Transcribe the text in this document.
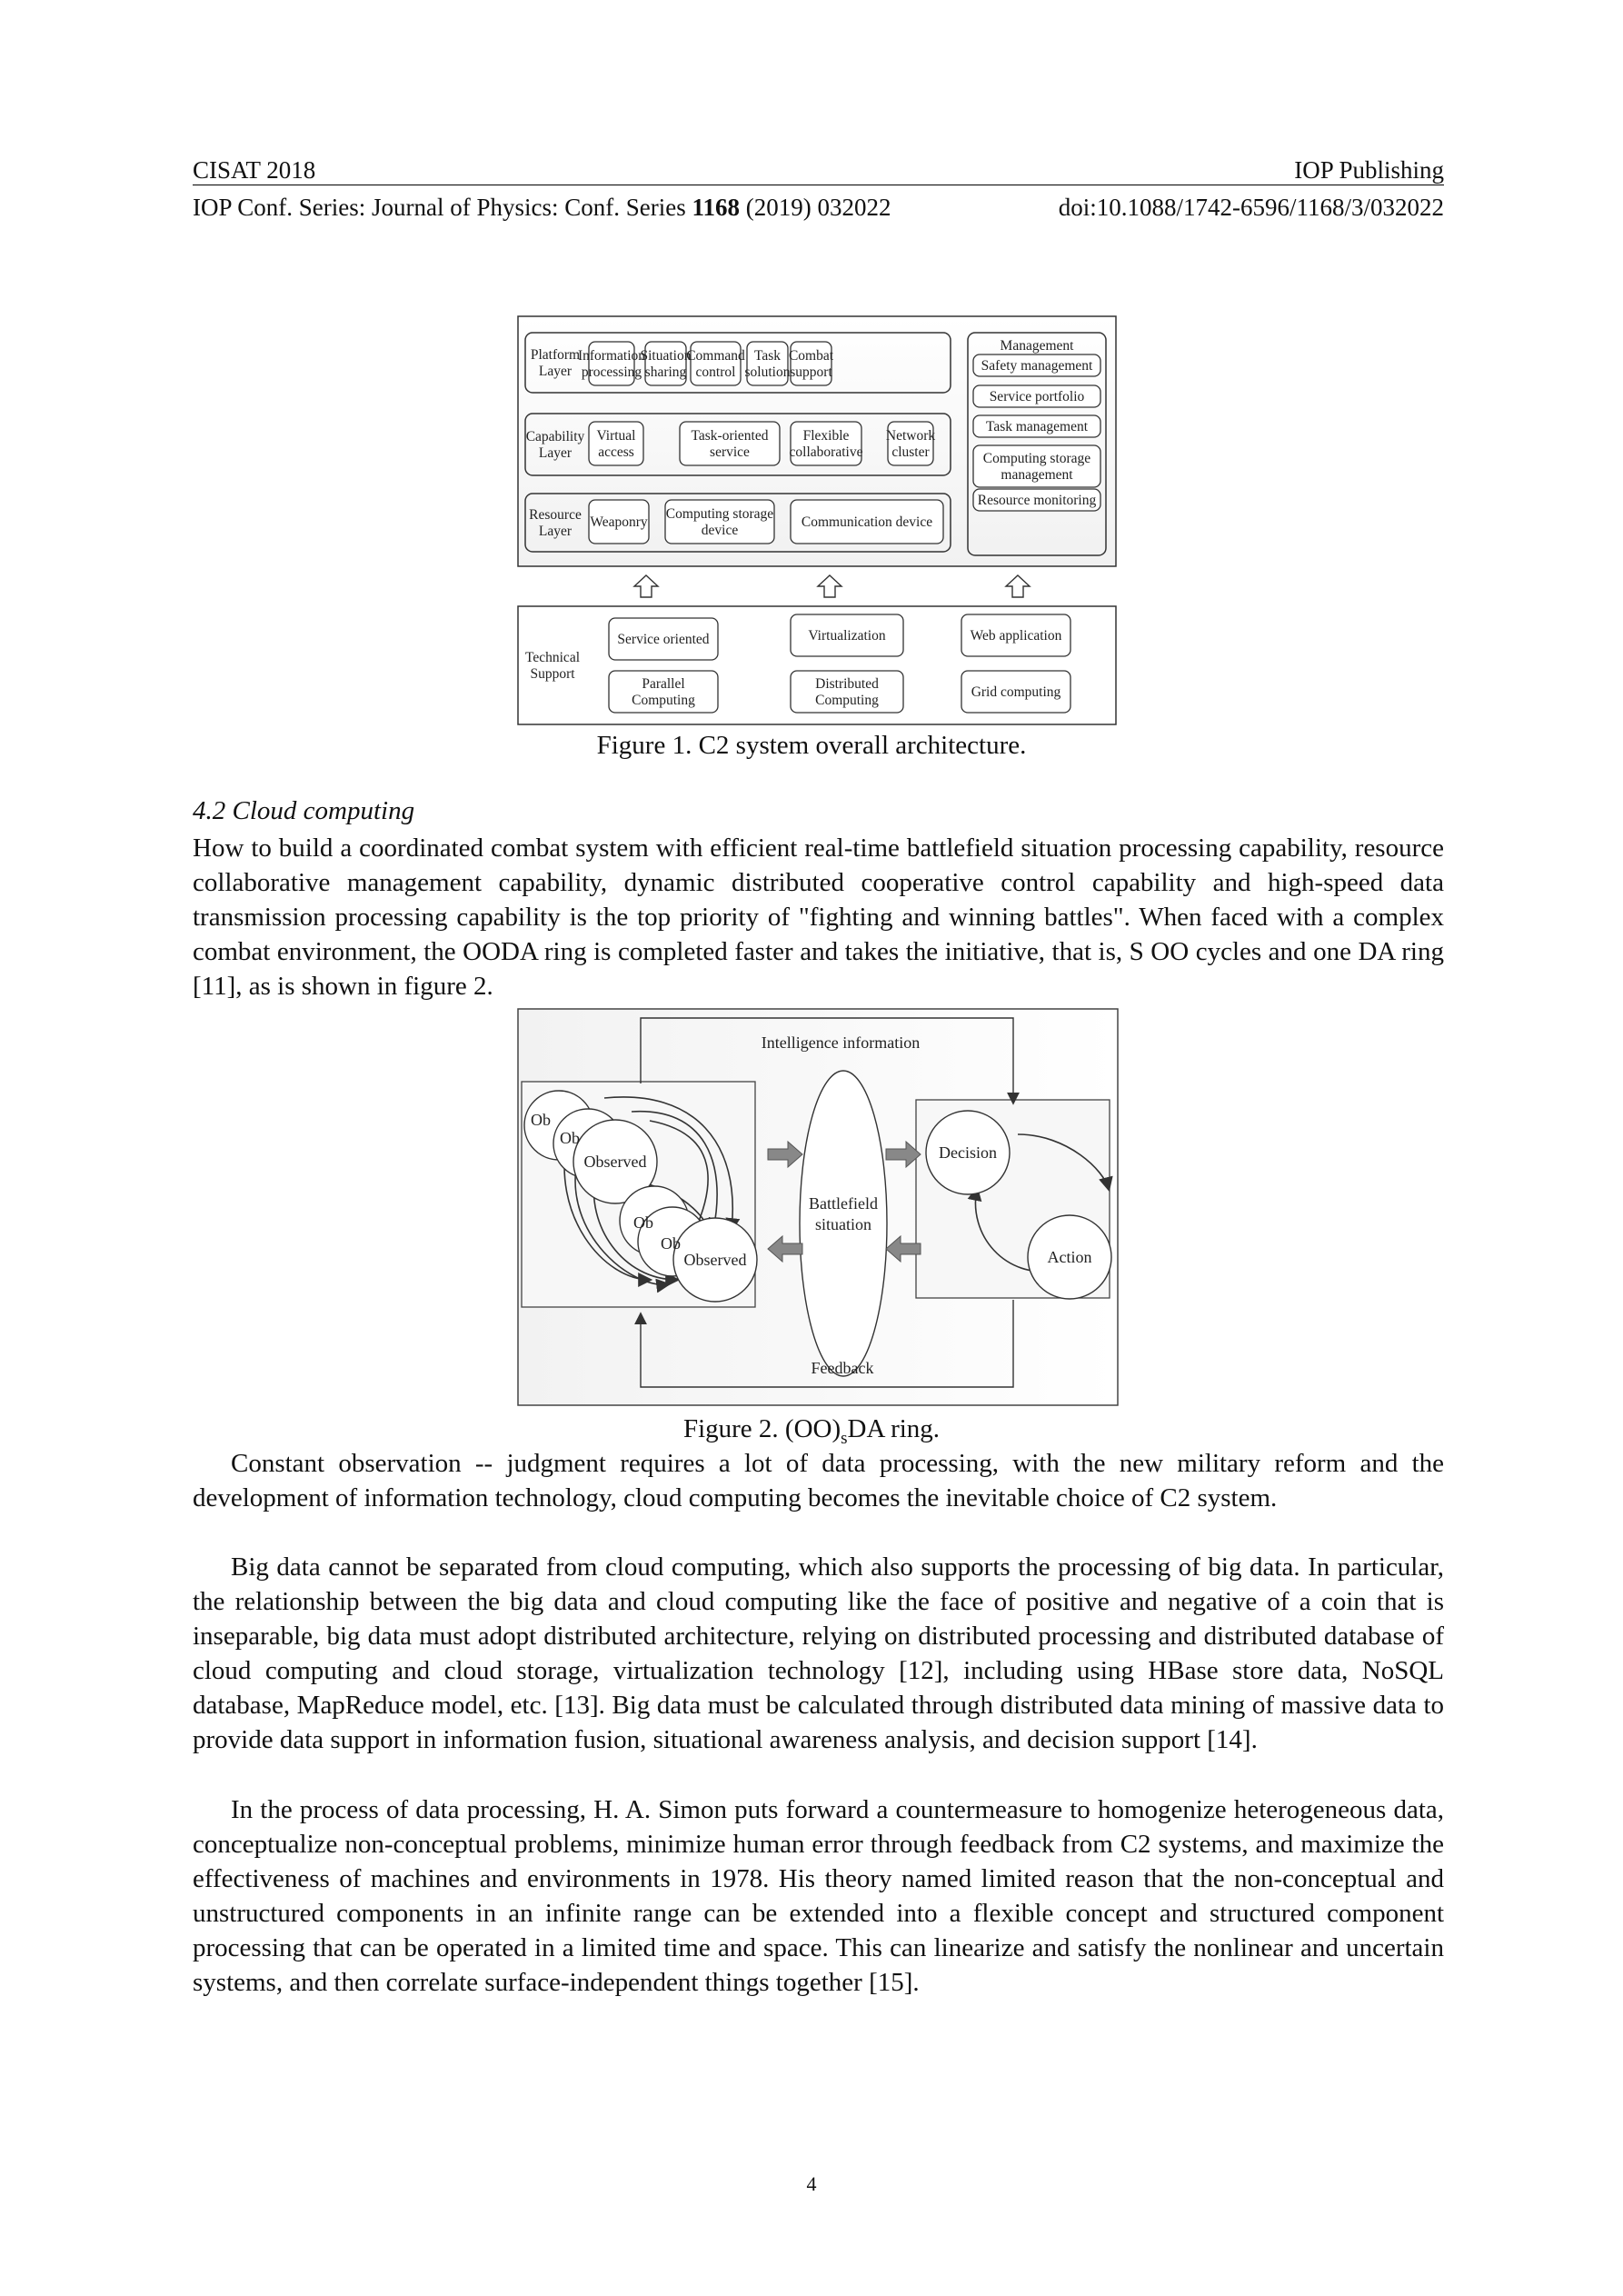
CISAT 2018	IOP Publishing
IOP Conf. Series: Journal of Physics: Conf. Series 1168 (2019) 032022	doi:10.1088/1742-6596/1168/3/032022
Platform
Layer
Capability
Layer
Resource
Layer
Technical
Support
Management
Information
processing
Situation
sharing
Command
control
Task
solution
Combat
support
Virtual
access
Task-oriented
service
Flexible
collaborative
Network
cluster
Weaponry
Computing storage
device
Communication device
Safety management
Service portfolio
Task management
Computing storage
management
Resource monitoring
Service oriented
Parallel
Computing
Virtualization
Distributed
Computing
Web application
Grid computing
Figure 1. C2 system overall architecture.
4.2 Cloud computing
How to build a coordinated combat system with efficient real-time battlefield situation processing capability, resource collaborative management capability, dynamic distributed cooperative control capability and high-speed data transmission processing capability is the top priority of "fighting and winning battles". When faced with a complex combat environment, the OODA ring is completed faster and takes the initiative, that is, S OO cycles and one DA ring [11], as is shown in figure 2.
Intelligence information
Feedback
Battlefield
situation
Decision
Action
Observed
Observed
Ob
Ob
Ob
Ob
Figure 2. $(OO)_sDA$ ring.
Constant observation -- judgment requires a lot of data processing, with the new military reform and the development of information technology, cloud computing becomes the inevitable choice of C2 system.
Big data cannot be separated from cloud computing, which also supports the processing of big data. In particular, the relationship between the big data and cloud computing like the face of positive and negative of a coin that is inseparable, big data must adopt distributed architecture, relying on distributed processing and distributed database of cloud computing and cloud storage, virtualization technology [12], including using HBase store data, NoSQL database, MapReduce model, etc. [13]. Big data must be calculated through distributed data mining of massive data to provide data support in information fusion, situational awareness analysis, and decision support [14].
In the process of data processing, H. A. Simon puts forward a countermeasure to homogenize heterogeneous data, conceptualize non-conceptual problems, minimize human error through feedback from C2 systems, and maximize the effectiveness of machines and environments in 1978. His theory named limited reason that the non-conceptual and unstructured components in an infinite range can be extended into a flexible concept and structured component processing that can be operated in a limited time and space. This can linearize and satisfy the nonlinear and uncertain systems, and then correlate surface-independent things together [15].
4
